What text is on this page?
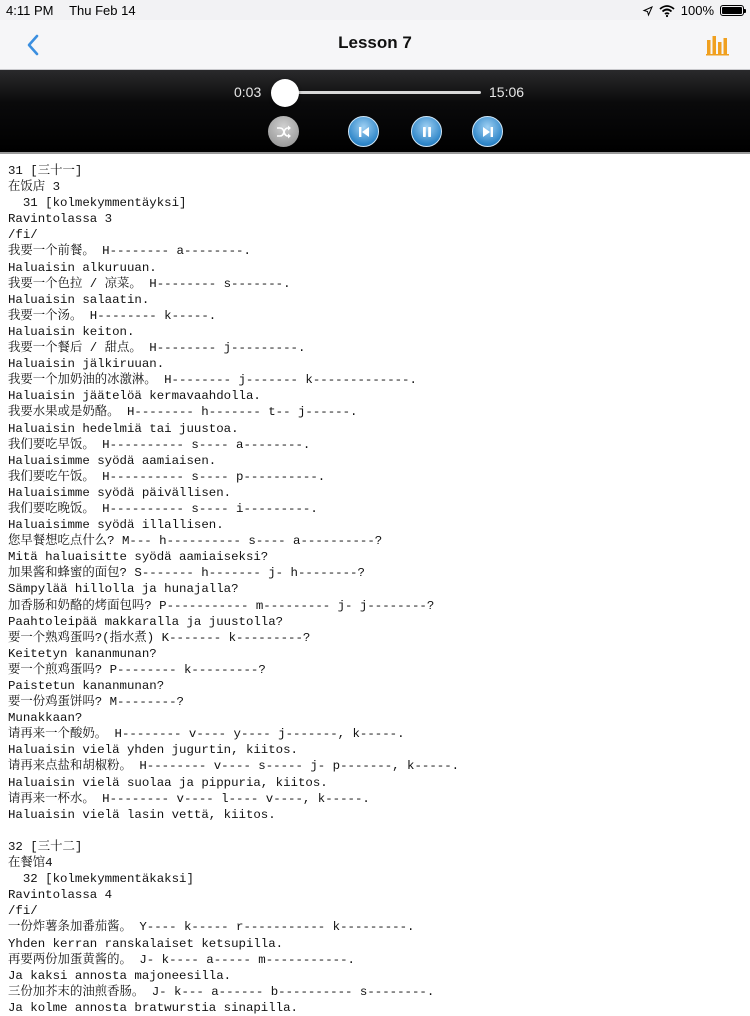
4:11 PM Thu Feb 14	100%
Lesson 7
0:03	15:06
31 [三十一]
在饭店 3
31 [kolmekymmentäyksi]
Ravintolassa 3
/fi/
我要一个前餐。 H-------- a--------.
Haluaisin alkuruuan.
我要一个色拉 / 凉菜。 H-------- s-------.
Haluaisin salaatin.
我要一个汤。 H-------- k-----.
Haluaisin keiton.
我要一个餐后 / 甜点。 H-------- j---------.
Haluaisin jälkiruuan.
我要一个加奶油的冰激淋。 H-------- j------- k-------------.
Haluaisin jäätelöä kermavaahdolla.
我要水果或是奶酪。 H-------- h------- t-- j------.
Haluaisin hedelmiä tai juustoa.
我们要吃早饭。 H---------- s---- a--------.
Haluaisimme syödä aamiaisen.
我们要吃午饭。 H---------- s---- p----------.
Haluaisimme syödä päivällisen.
我们要吃晚饭。 H---------- s---- i---------.
Haluaisimme syödä illallisen.
您早餐想吃点什么? M--- h---------- s---- a----------?
Mitä haluaisitte syödä aamiaiseksi?
加果酱和蜂蜜的面包? S------- h------- j- h--------?
Sämpylää hillolla ja hunajalla?
加香肠和奶酪的烤面包吗? P----------- m--------- j- j--------?
Paahtoleipää makkaralla ja juustolla?
要一个熟鸡蛋吗?(指水煮) K------- k---------?
Keitetyn kananmunan?
要一个煎鸡蛋吗? P-------- k---------?
Paistetun kananmunan?
要一份鸡蛋饼吗? M--------?
Munakkaan?
请再来一个酸奶。 H-------- v---- y---- j-------, k-----.
Haluaisin vielä yhden jugurtin, kiitos.
请再来点盐和胡椒粉。 H-------- v---- s----- j- p-------, k-----.
Haluaisin vielä suolaa ja pippuria, kiitos.
请再来一杯水。 H-------- v---- l---- v----, k-----.
Haluaisin vielä lasin vettä, kiitos.
32 [三十二]
在餐馆4
32 [kolmekymmentäkaksi]
Ravintolassa 4
/fi/
一份炸薯条加番茄酱。 Y---- k----- r----------- k---------.
Yhden kerran ranskalaiset ketsupilla.
再要两份加蛋黄酱的。 J- k---- a----- m-----------.
Ja kaksi annosta majoneesilla.
三份加芥末的油煎香肠。 J- k--- a------ b---------- s--------.
Ja kolme annosta bratwurstia sinapilla.
